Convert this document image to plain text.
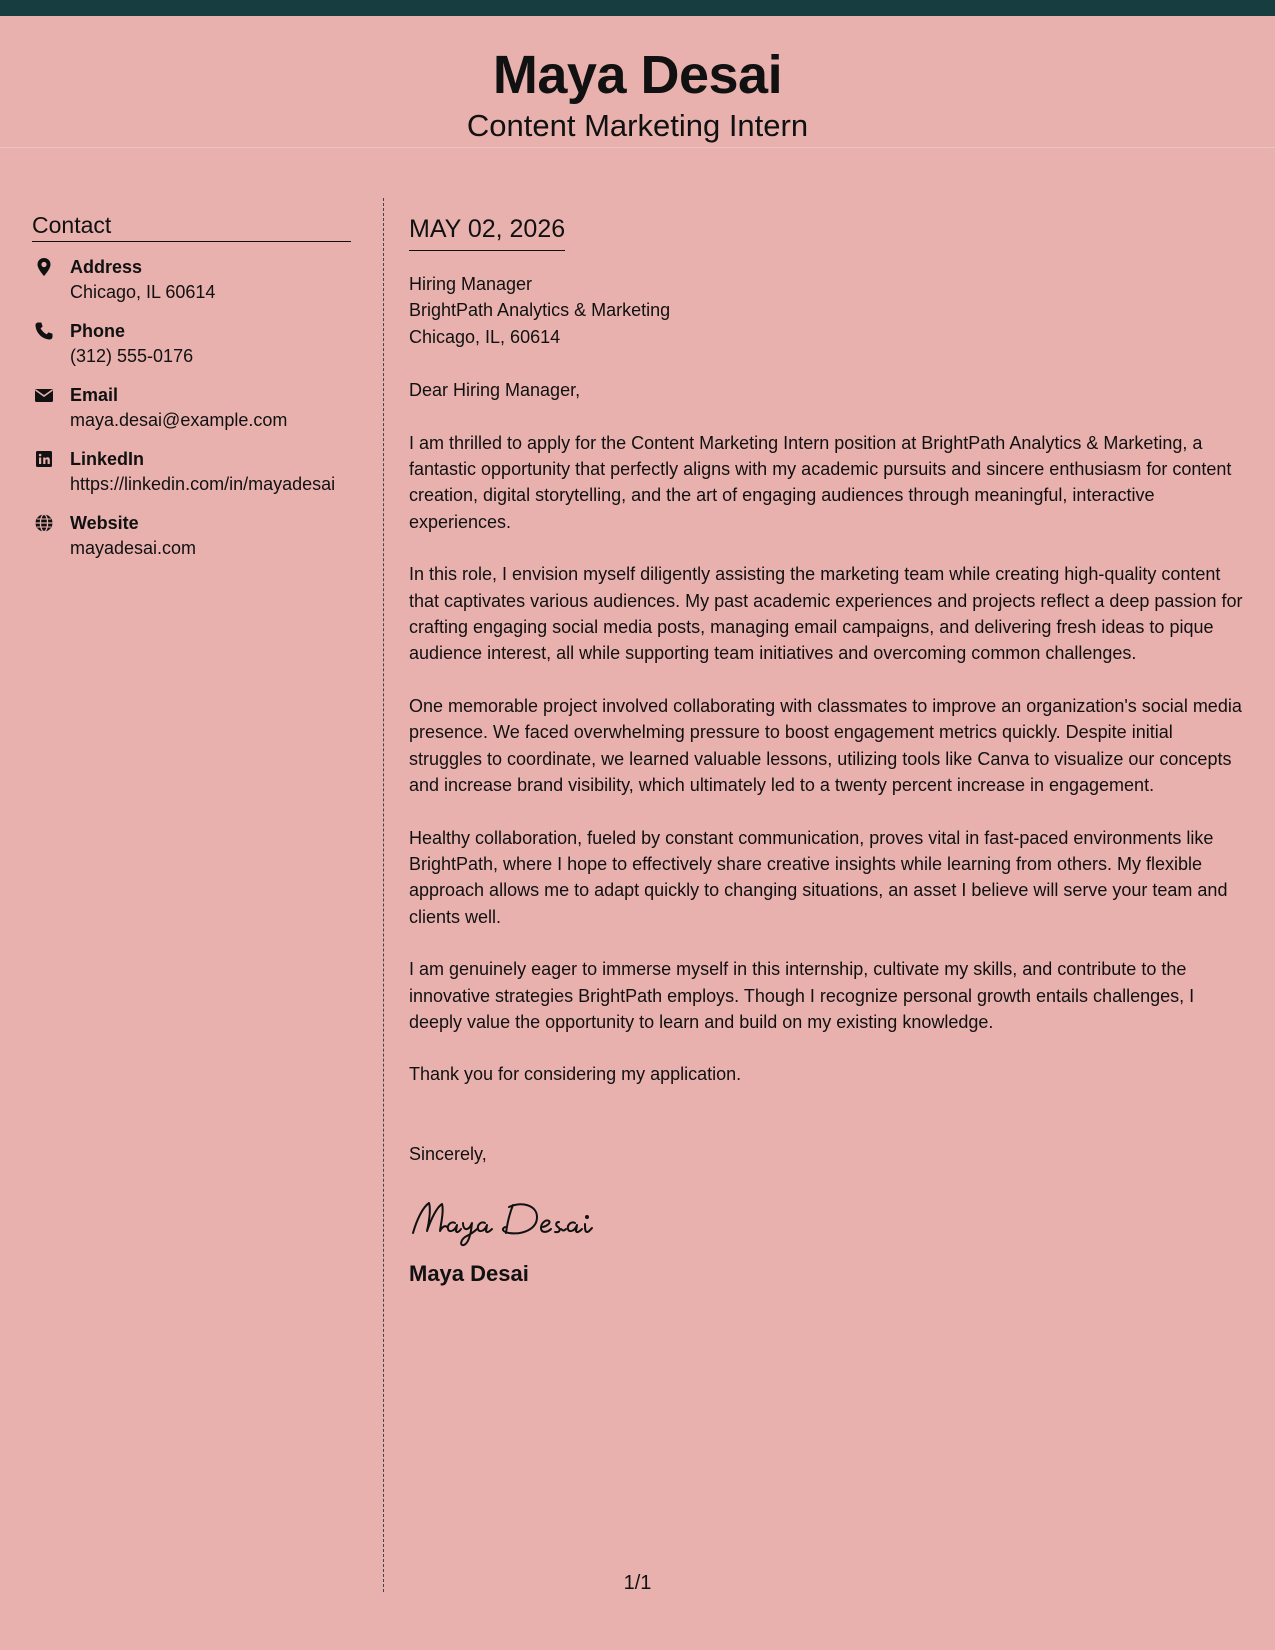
Maya Desai
Content Marketing Intern
Contact
Address
Chicago, IL 60614
Phone
(312) 555-0176
Email
maya.desai@example.com
LinkedIn
https://linkedin.com/in/mayadesai
Website
mayadesai.com
MAY 02, 2026
Hiring Manager
BrightPath Analytics & Marketing
Chicago, IL, 60614
Dear Hiring Manager,
I am thrilled to apply for the Content Marketing Intern position at BrightPath Analytics & Marketing, a fantastic opportunity that perfectly aligns with my academic pursuits and sincere enthusiasm for content creation, digital storytelling, and the art of engaging audiences through meaningful, interactive experiences.
In this role, I envision myself diligently assisting the marketing team while creating high-quality content that captivates various audiences. My past academic experiences and projects reflect a deep passion for crafting engaging social media posts, managing email campaigns, and delivering fresh ideas to pique audience interest, all while supporting team initiatives and overcoming common challenges.
One memorable project involved collaborating with classmates to improve an organization's social media presence. We faced overwhelming pressure to boost engagement metrics quickly. Despite initial struggles to coordinate, we learned valuable lessons, utilizing tools like Canva to visualize our concepts and increase brand visibility, which ultimately led to a twenty percent increase in engagement.
Healthy collaboration, fueled by constant communication, proves vital in fast-paced environments like BrightPath, where I hope to effectively share creative insights while learning from others. My flexible approach allows me to adapt quickly to changing situations, an asset I believe will serve your team and clients well.
I am genuinely eager to immerse myself in this internship, cultivate my skills, and contribute to the innovative strategies BrightPath employs. Though I recognize personal growth entails challenges, I deeply value the opportunity to learn and build on my existing knowledge.
Thank you for considering my application.
Sincerely,
Maya Desai
1/1
